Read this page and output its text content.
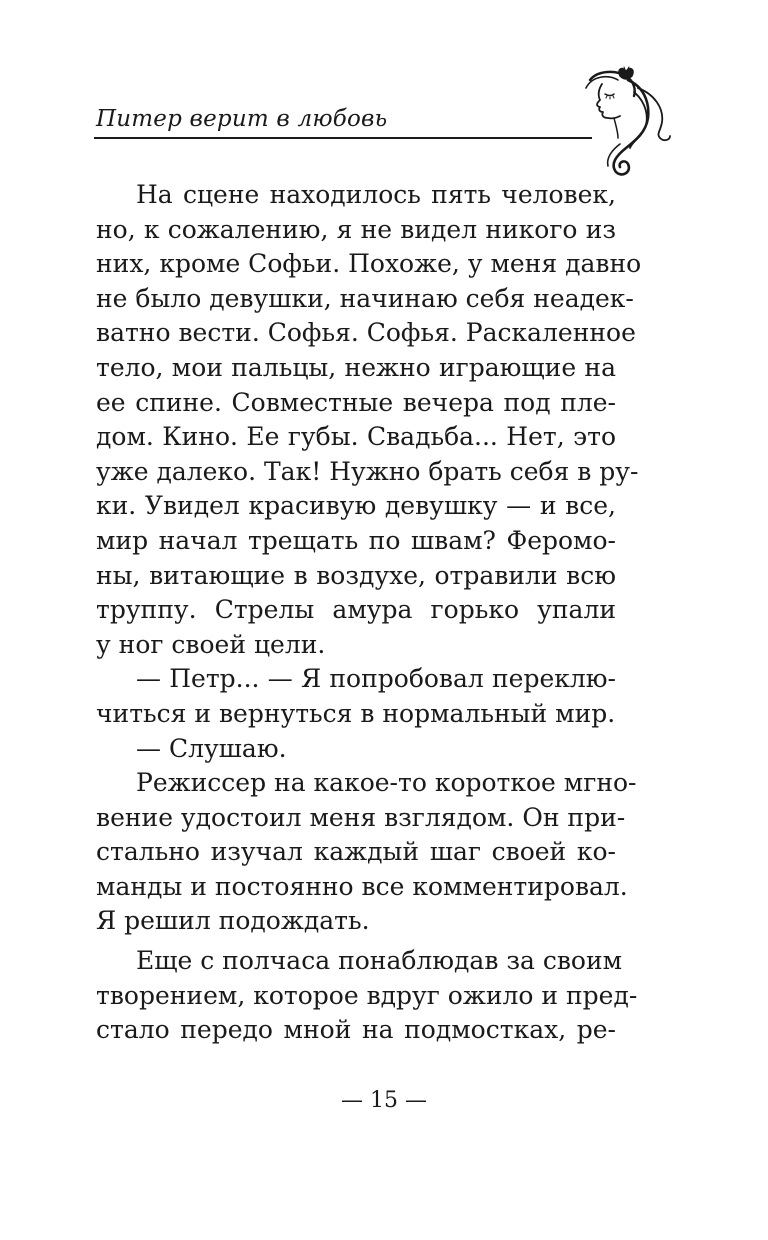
Питер верит в любовь

На сцене находилось пять человек,

но, к сожалению, я не видел никого из

них, кроме Софьи. Похоже, у меня давно

не было девушки, начинаю себя неадек-

ватно вести. Софья. Софья. Раскаленное

тело, мои пальцы, нежно играющие на

ее спине. Совместные вечера под пле-

дом. Кино. Ее губы. Свадьба... Нет, это

уже далеко. Так! Нужно брать себя в ру-

ки. Увидел красивую девушку — и все,

мир начал трещать по швам? Феромо-

ны, витающие в воздухе, отравили всю

труппу. Стрелы амура горько упали

у ног своей цели.

— Петр... — Я попробовал переклю-

читься и вернуться в нормальный мир.

— Слушаю.

Режиссер на какое-то короткое мгно-

вение удостоил меня взглядом. Он при-

стально изучал каждый шаг своей ко-

манды и постоянно все комментировал.

Я решил подождать.

Еще с полчаса понаблюдав за своим

творением, которое вдруг ожило и пред-

стало передо мной на подмостках, ре-

— 15 —
